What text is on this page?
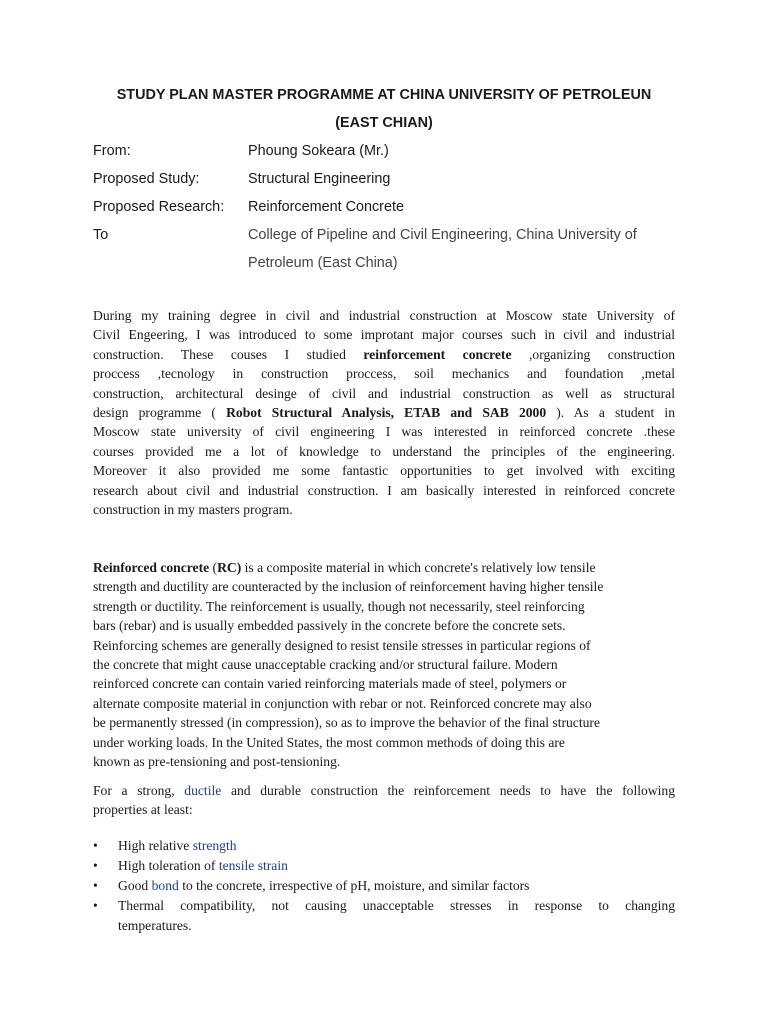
STUDY PLAN MASTER PROGRAMME AT CHINA UNIVERSITY OF PETROLEUN
(EAST CHIAN)
From:	Phoung Sokeara (Mr.)
Proposed Study:	Structural Engineering
Proposed Research: Reinforcement Concrete
To	College of Pipeline and Civil Engineering, China University of
Petroleum (East China)
During my training degree in civil and industrial construction at Moscow state University of
Civil Engeering, I was introduced to some improtant major courses such in civil and industrial
construction. These couses I studied reinforcement concrete ,organizing construction
proccess ,tecnology in construction proccess, soil mechanics and foundation ,metal
construction, architectural desinge of civil and industrial construction as well as structural
design programme ( Robot Structural Analysis, ETAB and SAB 2000 ). As a student in
Moscow state university of civil engineering I was interested in reinforced concrete .these
courses provided me a lot of knowledge to understand the principles of the engineering.
Moreover it also provided me some fantastic opportunities to get involved with exciting
research about civil and industrial construction. I am basically interested in reinforced concrete
construction in my masters program.
Reinforced concrete (RC) is a composite material in which concrete's relatively low tensile
strength and ductility are counteracted by the inclusion of reinforcement having higher tensile
strength or ductility. The reinforcement is usually, though not necessarily, steel reinforcing
bars (rebar) and is usually embedded passively in the concrete before the concrete sets.
Reinforcing schemes are generally designed to resist tensile stresses in particular regions of
the concrete that might cause unacceptable cracking and/or structural failure. Modern
reinforced concrete can contain varied reinforcing materials made of steel, polymers or
alternate composite material in conjunction with rebar or not. Reinforced concrete may also
be permanently stressed (in compression), so as to improve the behavior of the final structure
under working loads. In the United States, the most common methods of doing this are
known as pre-tensioning and post-tensioning.
For a strong, ductile and durable construction the reinforcement needs to have the following
properties at least:
• High relative strength
• High toleration of tensile strain
• Good bond to the concrete, irrespective of pH, moisture, and similar factors
• Thermal compatibility, not causing unacceptable stresses in response to changing
temperatures.
